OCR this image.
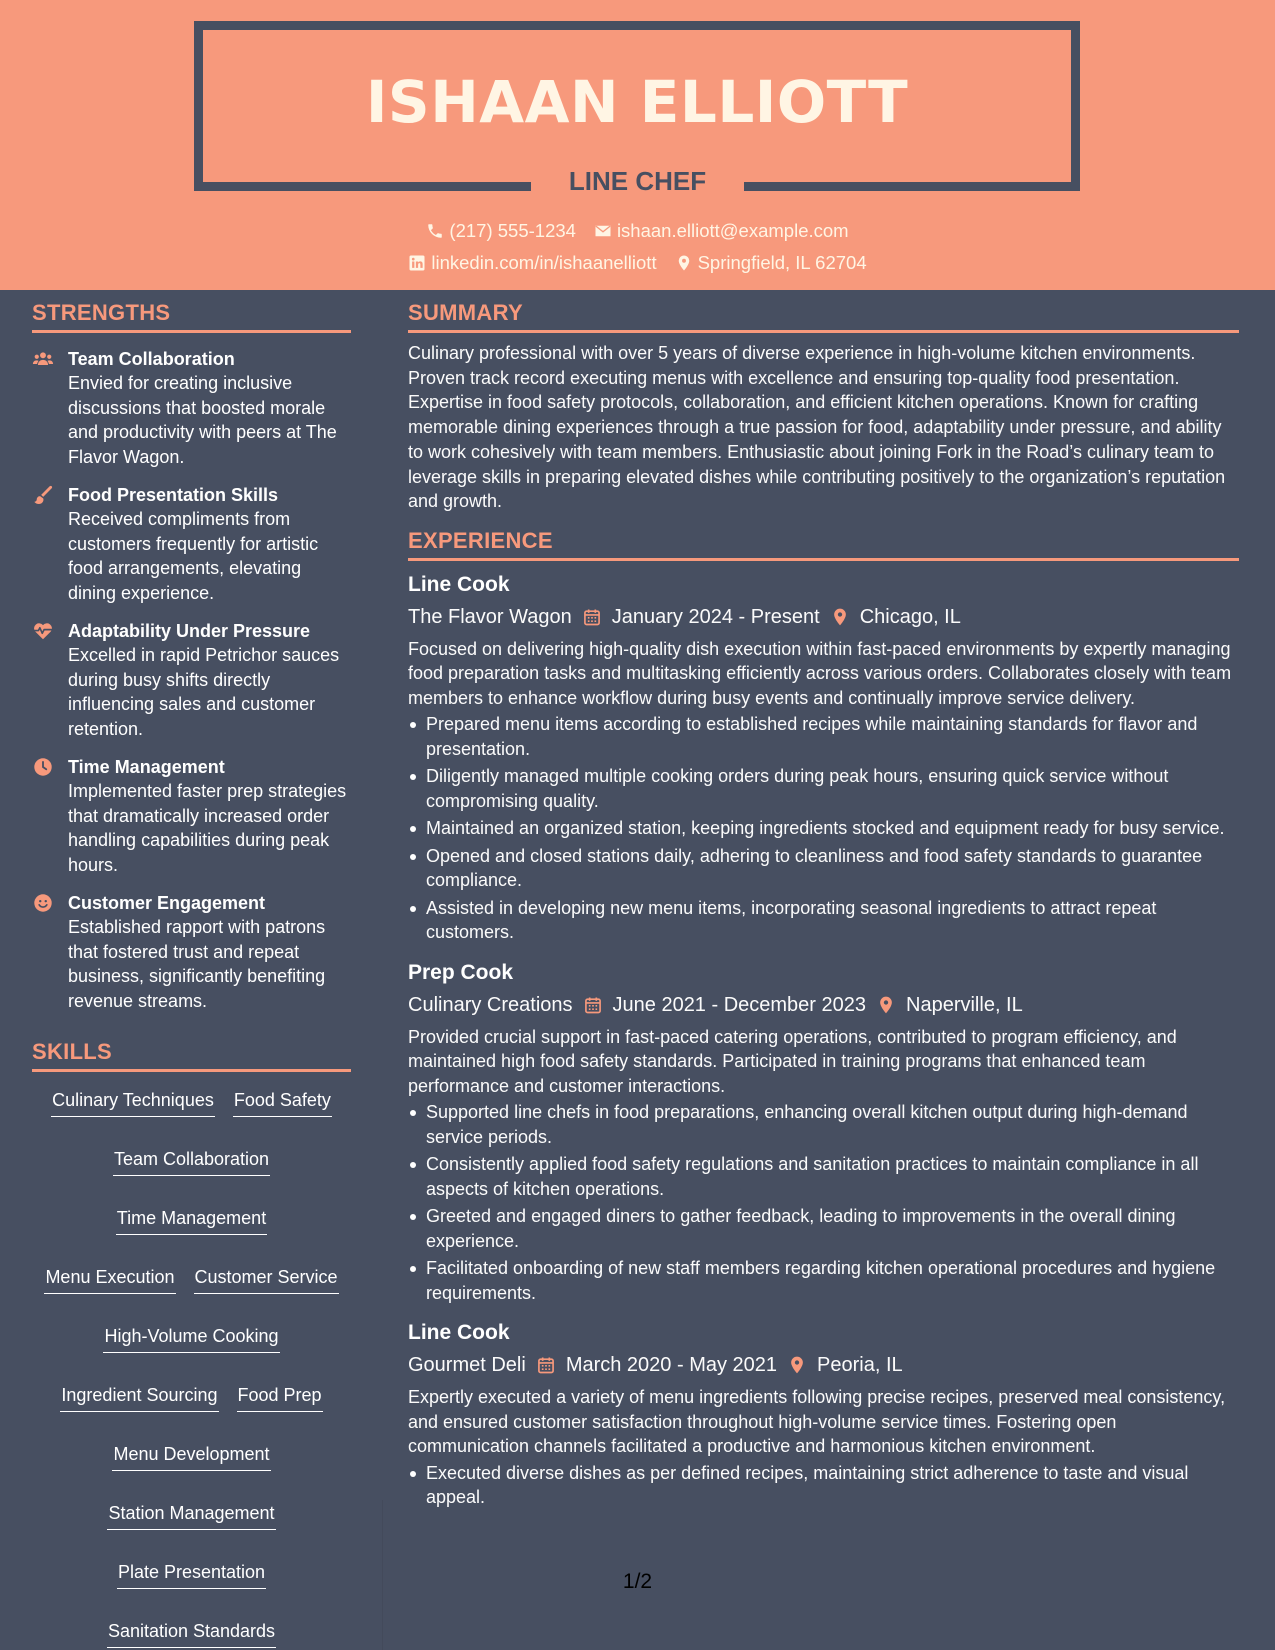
ISHAAN ELLIOTT
LINE CHEF
(217) 555-1234 ishaan.elliott@example.com
linkedin.com/in/ishaanelliott Springfield, IL 62704
STRENGTHS
Team Collaboration
Envied for creating inclusive discussions that boosted morale and productivity with peers at The Flavor Wagon.
Food Presentation Skills
Received compliments from customers frequently for artistic food arrangements, elevating dining experience.
Adaptability Under Pressure
Excelled in rapid Petrichor sauces during busy shifts directly influencing sales and customer retention.
Time Management
Implemented faster prep strategies that dramatically increased order handling capabilities during peak hours.
Customer Engagement
Established rapport with patrons that fostered trust and repeat business, significantly benefiting revenue streams.
SKILLS
Culinary Techniques Food Safety
Team Collaboration
Time Management
Menu Execution Customer Service
High-Volume Cooking
Ingredient Sourcing Food Prep
Menu Development
Station Management
Plate Presentation
Sanitation Standards
SUMMARY
Culinary professional with over 5 years of diverse experience in high-volume kitchen environments. Proven track record executing menus with excellence and ensuring top-quality food presentation. Expertise in food safety protocols, collaboration, and efficient kitchen operations. Known for crafting memorable dining experiences through a true passion for food, adaptability under pressure, and ability to work cohesively with team members. Enthusiastic about joining Fork in the Road’s culinary team to leverage skills in preparing elevated dishes while contributing positively to the organization’s reputation and growth.
EXPERIENCE
Line Cook
The Flavor Wagon January 2024 - Present Chicago, IL
Focused on delivering high-quality dish execution within fast-paced environments by expertly managing food preparation tasks and multitasking efficiently across various orders. Collaborates closely with team members to enhance workflow during busy events and continually improve service delivery.
Prepared menu items according to established recipes while maintaining standards for flavor and presentation.
Diligently managed multiple cooking orders during peak hours, ensuring quick service without compromising quality.
Maintained an organized station, keeping ingredients stocked and equipment ready for busy service.
Opened and closed stations daily, adhering to cleanliness and food safety standards to guarantee compliance.
Assisted in developing new menu items, incorporating seasonal ingredients to attract repeat customers.
Prep Cook
Culinary Creations June 2021 - December 2023 Naperville, IL
Provided crucial support in fast-paced catering operations, contributed to program efficiency, and maintained high food safety standards. Participated in training programs that enhanced team performance and customer interactions.
Supported line chefs in food preparations, enhancing overall kitchen output during high-demand service periods.
Consistently applied food safety regulations and sanitation practices to maintain compliance in all aspects of kitchen operations.
Greeted and engaged diners to gather feedback, leading to improvements in the overall dining experience.
Facilitated onboarding of new staff members regarding kitchen operational procedures and hygiene requirements.
Line Cook
Gourmet Deli March 2020 - May 2021 Peoria, IL
Expertly executed a variety of menu ingredients following precise recipes, preserved meal consistency, and ensured customer satisfaction throughout high-volume service times. Fostering open communication channels facilitated a productive and harmonious kitchen environment.
Executed diverse dishes as per defined recipes, maintaining strict adherence to taste and visual appeal.
1/2
